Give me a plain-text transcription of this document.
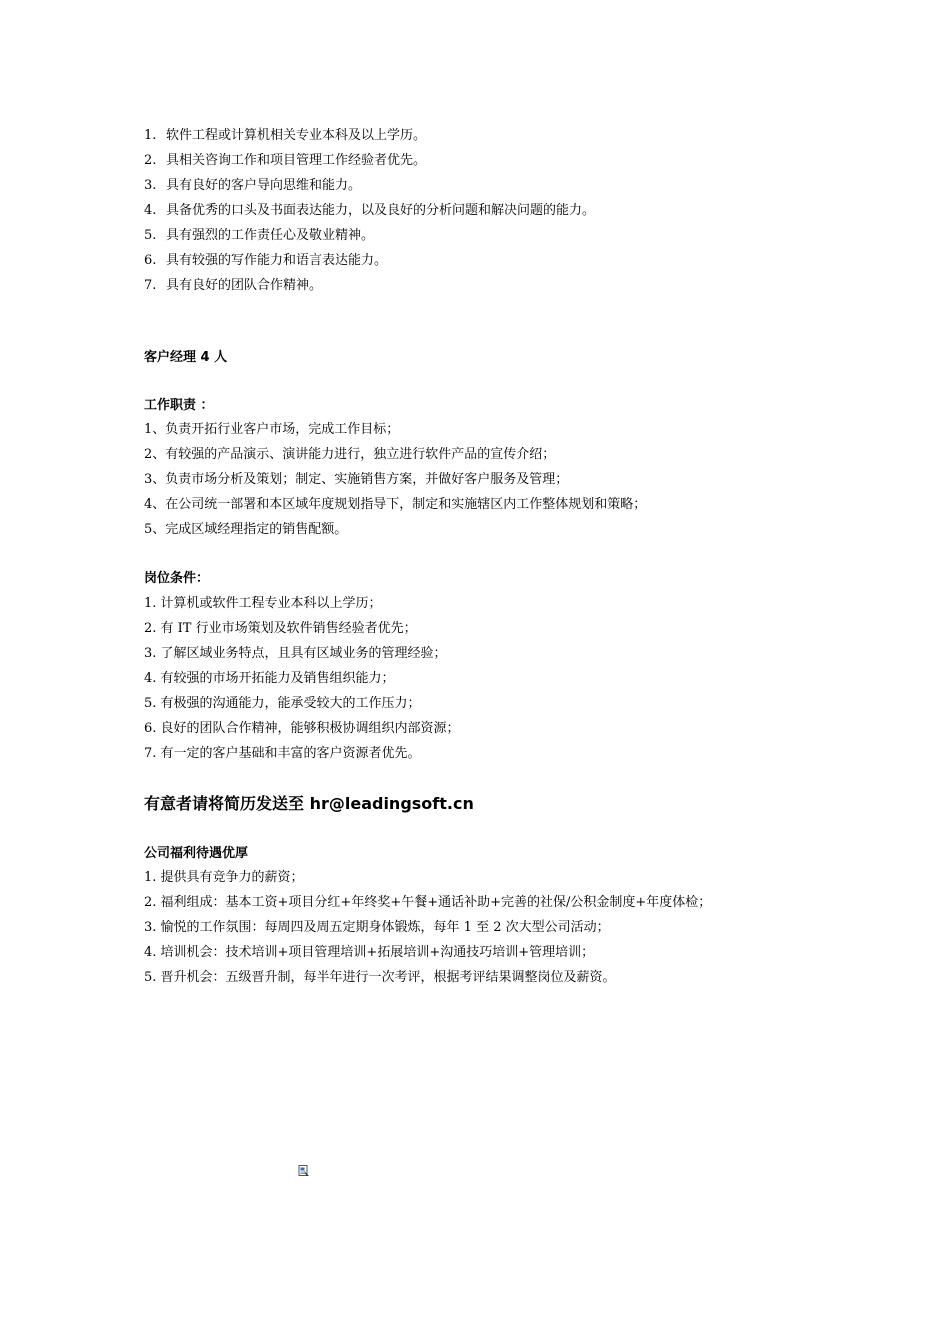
1. 软件工程或计算机相关专业本科及以上学历。
2. 具相关咨询工作和项目管理工作经验者优先。
3. 具有良好的客户导向思维和能力。
4. 具备优秀的口头及书面表达能力，以及良好的分析问题和解决问题的能力。
5. 具有强烈的工作责任心及敬业精神。
6. 具有较强的写作能力和语言表达能力。
7. 具有良好的团队合作精神。
客户经理 4 人
工作职责 ：
1、负责开拓行业客户市场，完成工作目标；
2、有较强的产品演示、演讲能力进行，独立进行软件产品的宣传介绍；
3、负责市场分析及策划；制定、实施销售方案，并做好客户服务及管理；
4、在公司统一部署和本区域年度规划指导下，制定和实施辖区内工作整体规划和策略；
5、完成区域经理指定的销售配额。
岗位条件：
1. 计算机或软件工程专业本科以上学历；
2. 有 IT 行业市场策划及软件销售经验者优先；
3. 了解区域业务特点，且具有区域业务的管理经验；
4. 有较强的市场开拓能力及销售组织能力；
5. 有极强的沟通能力，能承受较大的工作压力；
6. 良好的团队合作精神，能够积极协调组织内部资源；
7. 有一定的客户基础和丰富的客户资源者优先。
有意者请将简历发送至 hr@leadingsoft.cn
公司福利待遇优厚
1. 提供具有竞争力的薪资；
2. 福利组成：基本工资+项目分红+年终奖+午餐+通话补助+完善的社保/公积金制度+年度体检；
3. 愉悦的工作氛围：每周四及周五定期身体锻炼，每年 1 至 2 次大型公司活动；
4. 培训机会：技术培训+项目管理培训+拓展培训+沟通技巧培训+管理培训；
5. 晋升机会：五级晋升制，每半年进行一次考评，根据考评结果调整岗位及薪资。
